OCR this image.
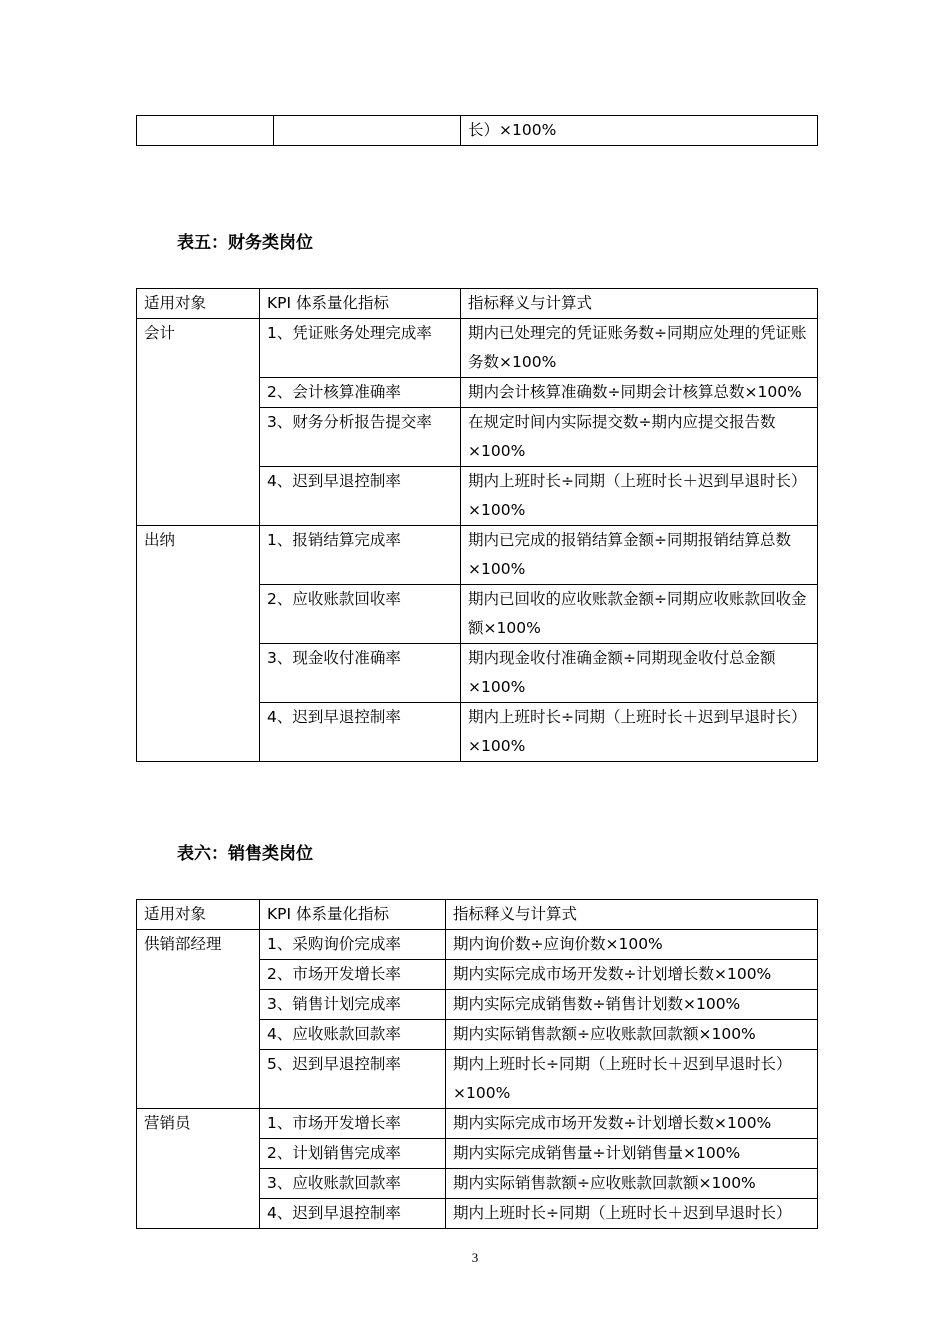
		长）×100%
表五：财务类岗位
适用对象	KPI 体系量化指标	指标释义与计算式
会计	1、凭证账务处理完成率	期内已处理完的凭证账务数÷同期应处理的凭证账务数×100%
	2、会计核算准确率	期内会计核算准确数÷同期会计核算总数×100%
	3、财务分析报告提交率	在规定时间内实际提交数÷期内应提交报告数×100%
	4、迟到早退控制率	期内上班时长÷同期（上班时长＋迟到早退时长）×100%
出纳	1、报销结算完成率	期内已完成的报销结算金额÷同期报销结算总数×100%
	2、应收账款回收率	期内已回收的应收账款金额÷同期应收账款回收金额×100%
	3、现金收付准确率	期内现金收付准确金额÷同期现金收付总金额×100%
	4、迟到早退控制率	期内上班时长÷同期（上班时长＋迟到早退时长）×100%
表六：销售类岗位
适用对象	KPI 体系量化指标	指标释义与计算式
供销部经理	1、采购询价完成率	期内询价数÷应询价数×100%
	2、市场开发增长率	期内实际完成市场开发数÷计划增长数×100%
	3、销售计划完成率	期内实际完成销售数÷销售计划数×100%
	4、应收账款回款率	期内实际销售款额÷应收账款回款额×100%
	5、迟到早退控制率	期内上班时长÷同期（上班时长＋迟到早退时长）×100%
营销员	1、市场开发增长率	期内实际完成市场开发数÷计划增长数×100%
	2、计划销售完成率	期内实际完成销售量÷计划销售量×100%
	3、应收账款回款率	期内实际销售款额÷应收账款回款额×100%
	4、迟到早退控制率	期内上班时长÷同期（上班时长＋迟到早退时长）
3
